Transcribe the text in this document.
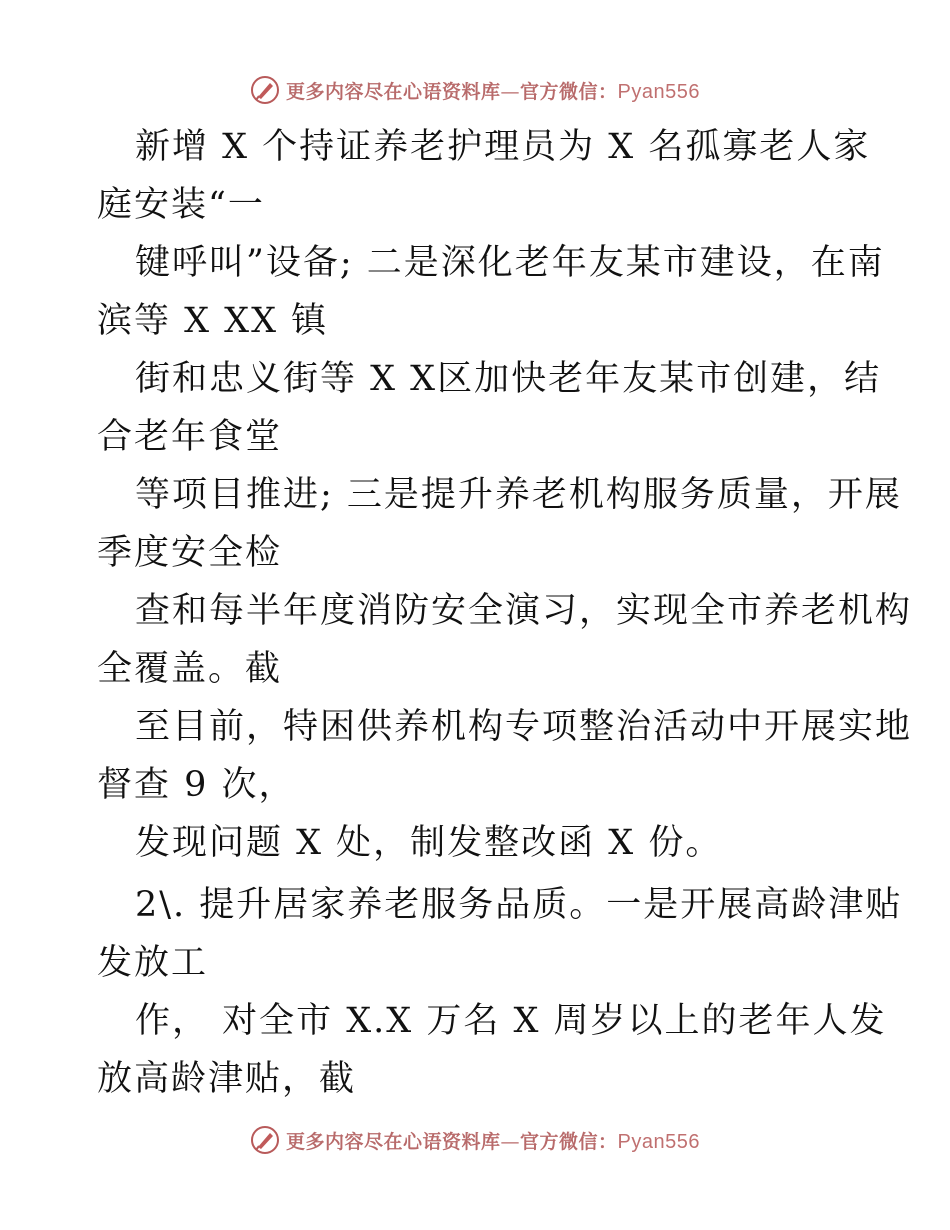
更多内容尽在心语资料库—官方微信：Pyan556
新增 X 个持证养老护理员为 X 名孤寡老人家
庭安装“一
键呼叫”设备; 二是深化老年友某市建设，在南
滨等 X XX 镇
街和忠义街等 X X区加快老年友某市创建，结
合老年食堂
等项目推进; 三是提升养老机构服务质量，开展
季度安全检
查和每半年度消防安全演习，实现全市养老机构
全覆盖。截
至目前，特困供养机构专项整治活动中开展实地
督查 9 次，
发现问题 X 处，制发整改函 X 份。
2\. 提升居家养老服务品质。一是开展高龄津贴
发放工
作， 对全市 X.X 万名 X 周岁以上的老年人发
放高龄津贴，截
更多内容尽在心语资料库—官方微信：Pyan556
